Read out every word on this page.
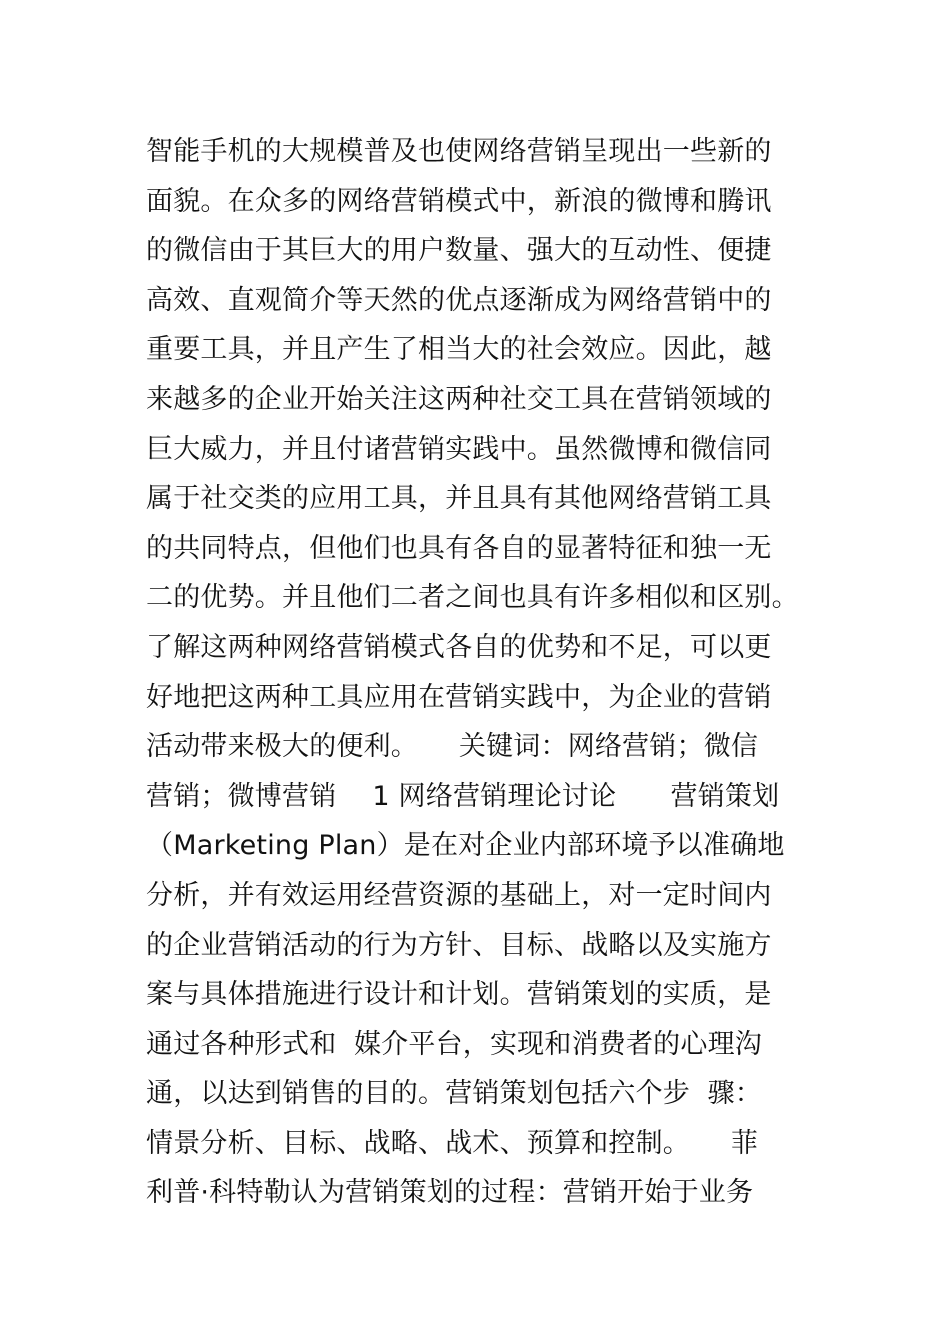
智能手机的大规模普及也使网络营销呈现出一些新的
面貌。在众多的网络营销模式中，新浪的微博和腾讯
的微信由于其巨大的用户数量、强大的互动性、便捷
高效、直观简介等天然的优点逐渐成为网络营销中的
重要工具，并且产生了相当大的社会效应。因此，越
来越多的企业开始关注这两种社交工具在营销领域的
巨大威力，并且付诸营销实践中。虽然微博和微信同
属于社交类的应用工具，并且具有其他网络营销工具
的共同特点，但他们也具有各自的显著特征和独一无
二的优势。并且他们二者之间也具有许多相似和区别。
了解这两种网络营销模式各自的优势和不足，可以更
好地把这两种工具应用在营销实践中，为企业的营销
活动带来极大的便利。　　关键词：网络营销；微信
营销；微博营销　 1 网络营销理论讨论　　营销策划
（Marketing Plan）是在对企业内部环境予以准确地
分析，并有效运用经营资源的基础上，对一定时间内
的企业营销活动的行为方针、目标、战略以及实施方
案与具体措施进行设计和计划。营销策划的实质，是
通过各种形式和  媒介平台，实现和消费者的心理沟
通，以达到销售的目的。营销策划包括六个步  骤：
情景分析、目标、战略、战术、预算和控制。　　菲
利普·科特勒认为营销策划的过程：营销开始于业务
